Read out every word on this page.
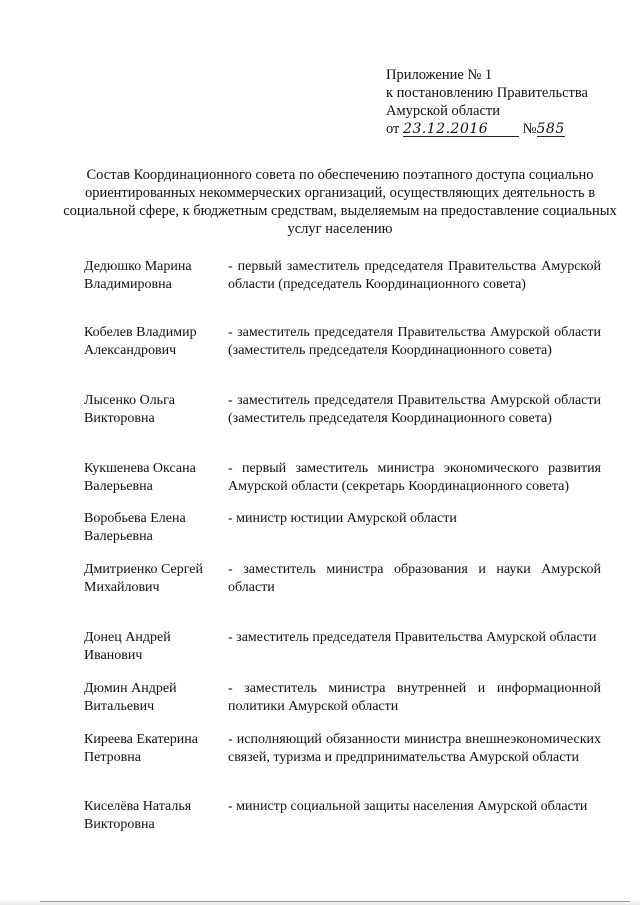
Приложение № 1
к постановлению Правительства
Амурской области
от 23.12.2016 №585
Состав Координационного совета по обеспечению поэтапного доступа социально ориентированных некоммерческих организаций, осуществляющих деятельность в социальной сфере, к бюджетным средствам, выделяемым на предоставление социальных услуг населению
Дедюшко Марина Владимировна
- первый заместитель председателя Правительства Амурской области (председатель Координационного совета)
Кобелев Владимир Александрович
- заместитель председателя Правительства Амурской области (заместитель председателя Координационного совета)
Лысенко Ольга Викторовна
- заместитель председателя Правительства Амурской области (заместитель председателя Координационного совета)
Кукшенева Оксана Валерьевна
- первый заместитель министра экономического развития Амурской области (секретарь Координационного совета)
Воробьева Елена Валерьевна
- министр юстиции Амурской области
Дмитриенко Сергей Михайлович
- заместитель министра образования и науки Амурской области
Донец Андрей Иванович
- заместитель председателя Правительства Амурской области
Дюмин Андрей Витальевич
- заместитель министра внутренней и информационной политики Амурской области
Киреева Екатерина Петровна
- исполняющий обязанности министра внешнеэкономических связей, туризма и предпринимательства Амурской области
Киселёва Наталья Викторовна
- министр социальной защиты населения Амурской области
